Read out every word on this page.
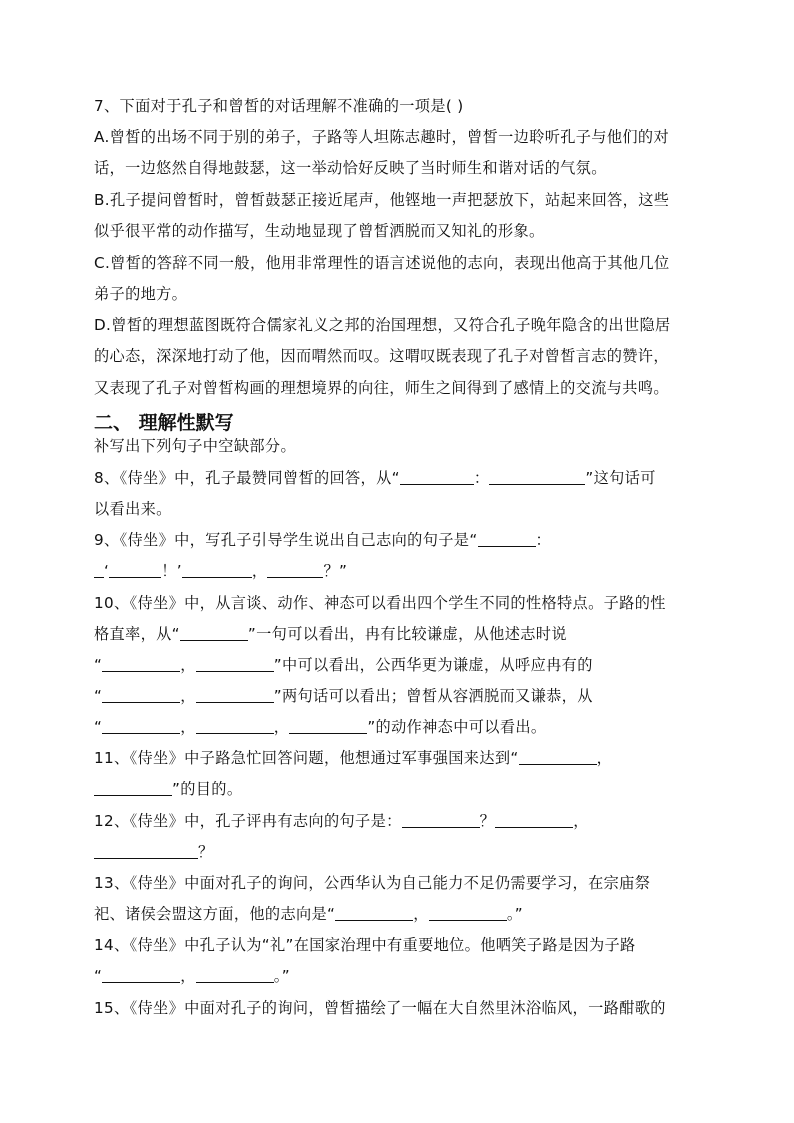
7、下面对于孔子和曾皙的对话理解不准确的一项是( )
A.曾皙的出场不同于别的弟子，子路等人坦陈志趣时，曾皙一边聆听孔子与他们的对
话，一边悠然自得地鼓瑟，这一举动恰好反映了当时师生和谐对话的气氛。
B.孔子提问曾皙时，曾皙鼓瑟正接近尾声，他铿地一声把瑟放下，站起来回答，这些
似乎很平常的动作描写，生动地显现了曾皙洒脱而又知礼的形象。
C.曾皙的答辞不同一般，他用非常理性的语言述说他的志向，表现出他高于其他几位
弟子的地方。
D.曾皙的理想蓝图既符合儒家礼义之邦的治国理想，又符合孔子晚年隐含的出世隐居
的心态，深深地打动了他，因而喟然而叹。这喟叹既表现了孔子对曾皙言志的赞许，
又表现了孔子对曾皙构画的理想境界的向往，师生之间得到了感情上的交流与共鸣。
二、 理解性默写
补写出下列句子中空缺部分。
8、《侍坐》中，孔子最赞同曾皙的回答，从“	：	”这句话可
以看出来。
9、《侍坐》中，写孔子引导学生说出自己志向的句子是“	：
‘	！’	，	？”
10、《侍坐》中，从言谈、动作、神态可以看出四个学生不同的性格特点。子路的性
格直率，从“	”一句可以看出，冉有比较谦虚，从他述志时说
“	，	”中可以看出，公西华更为谦虚，从呼应冉有的
“	，	”两句话可以看出；曾皙从容洒脱而又谦恭，从
“	，	，	”的动作神态中可以看出。
11、《侍坐》中子路急忙回答问题，他想通过军事强国来达到“	，
”的目的。
12、《侍坐》中，孔子评冉有志向的句子是：	？	，
？
13、《侍坐》中面对孔子的询问，公西华认为自己能力不足仍需要学习，在宗庙祭
祀、诸侯会盟这方面，他的志向是“	，	。”
14、《侍坐》中孔子认为“礼”在国家治理中有重要地位。他哂笑子路是因为子路
“	，	。”
15、《侍坐》中面对孔子的询问，曾皙描绘了一幅在大自然里沐浴临风，一路酣歌的
